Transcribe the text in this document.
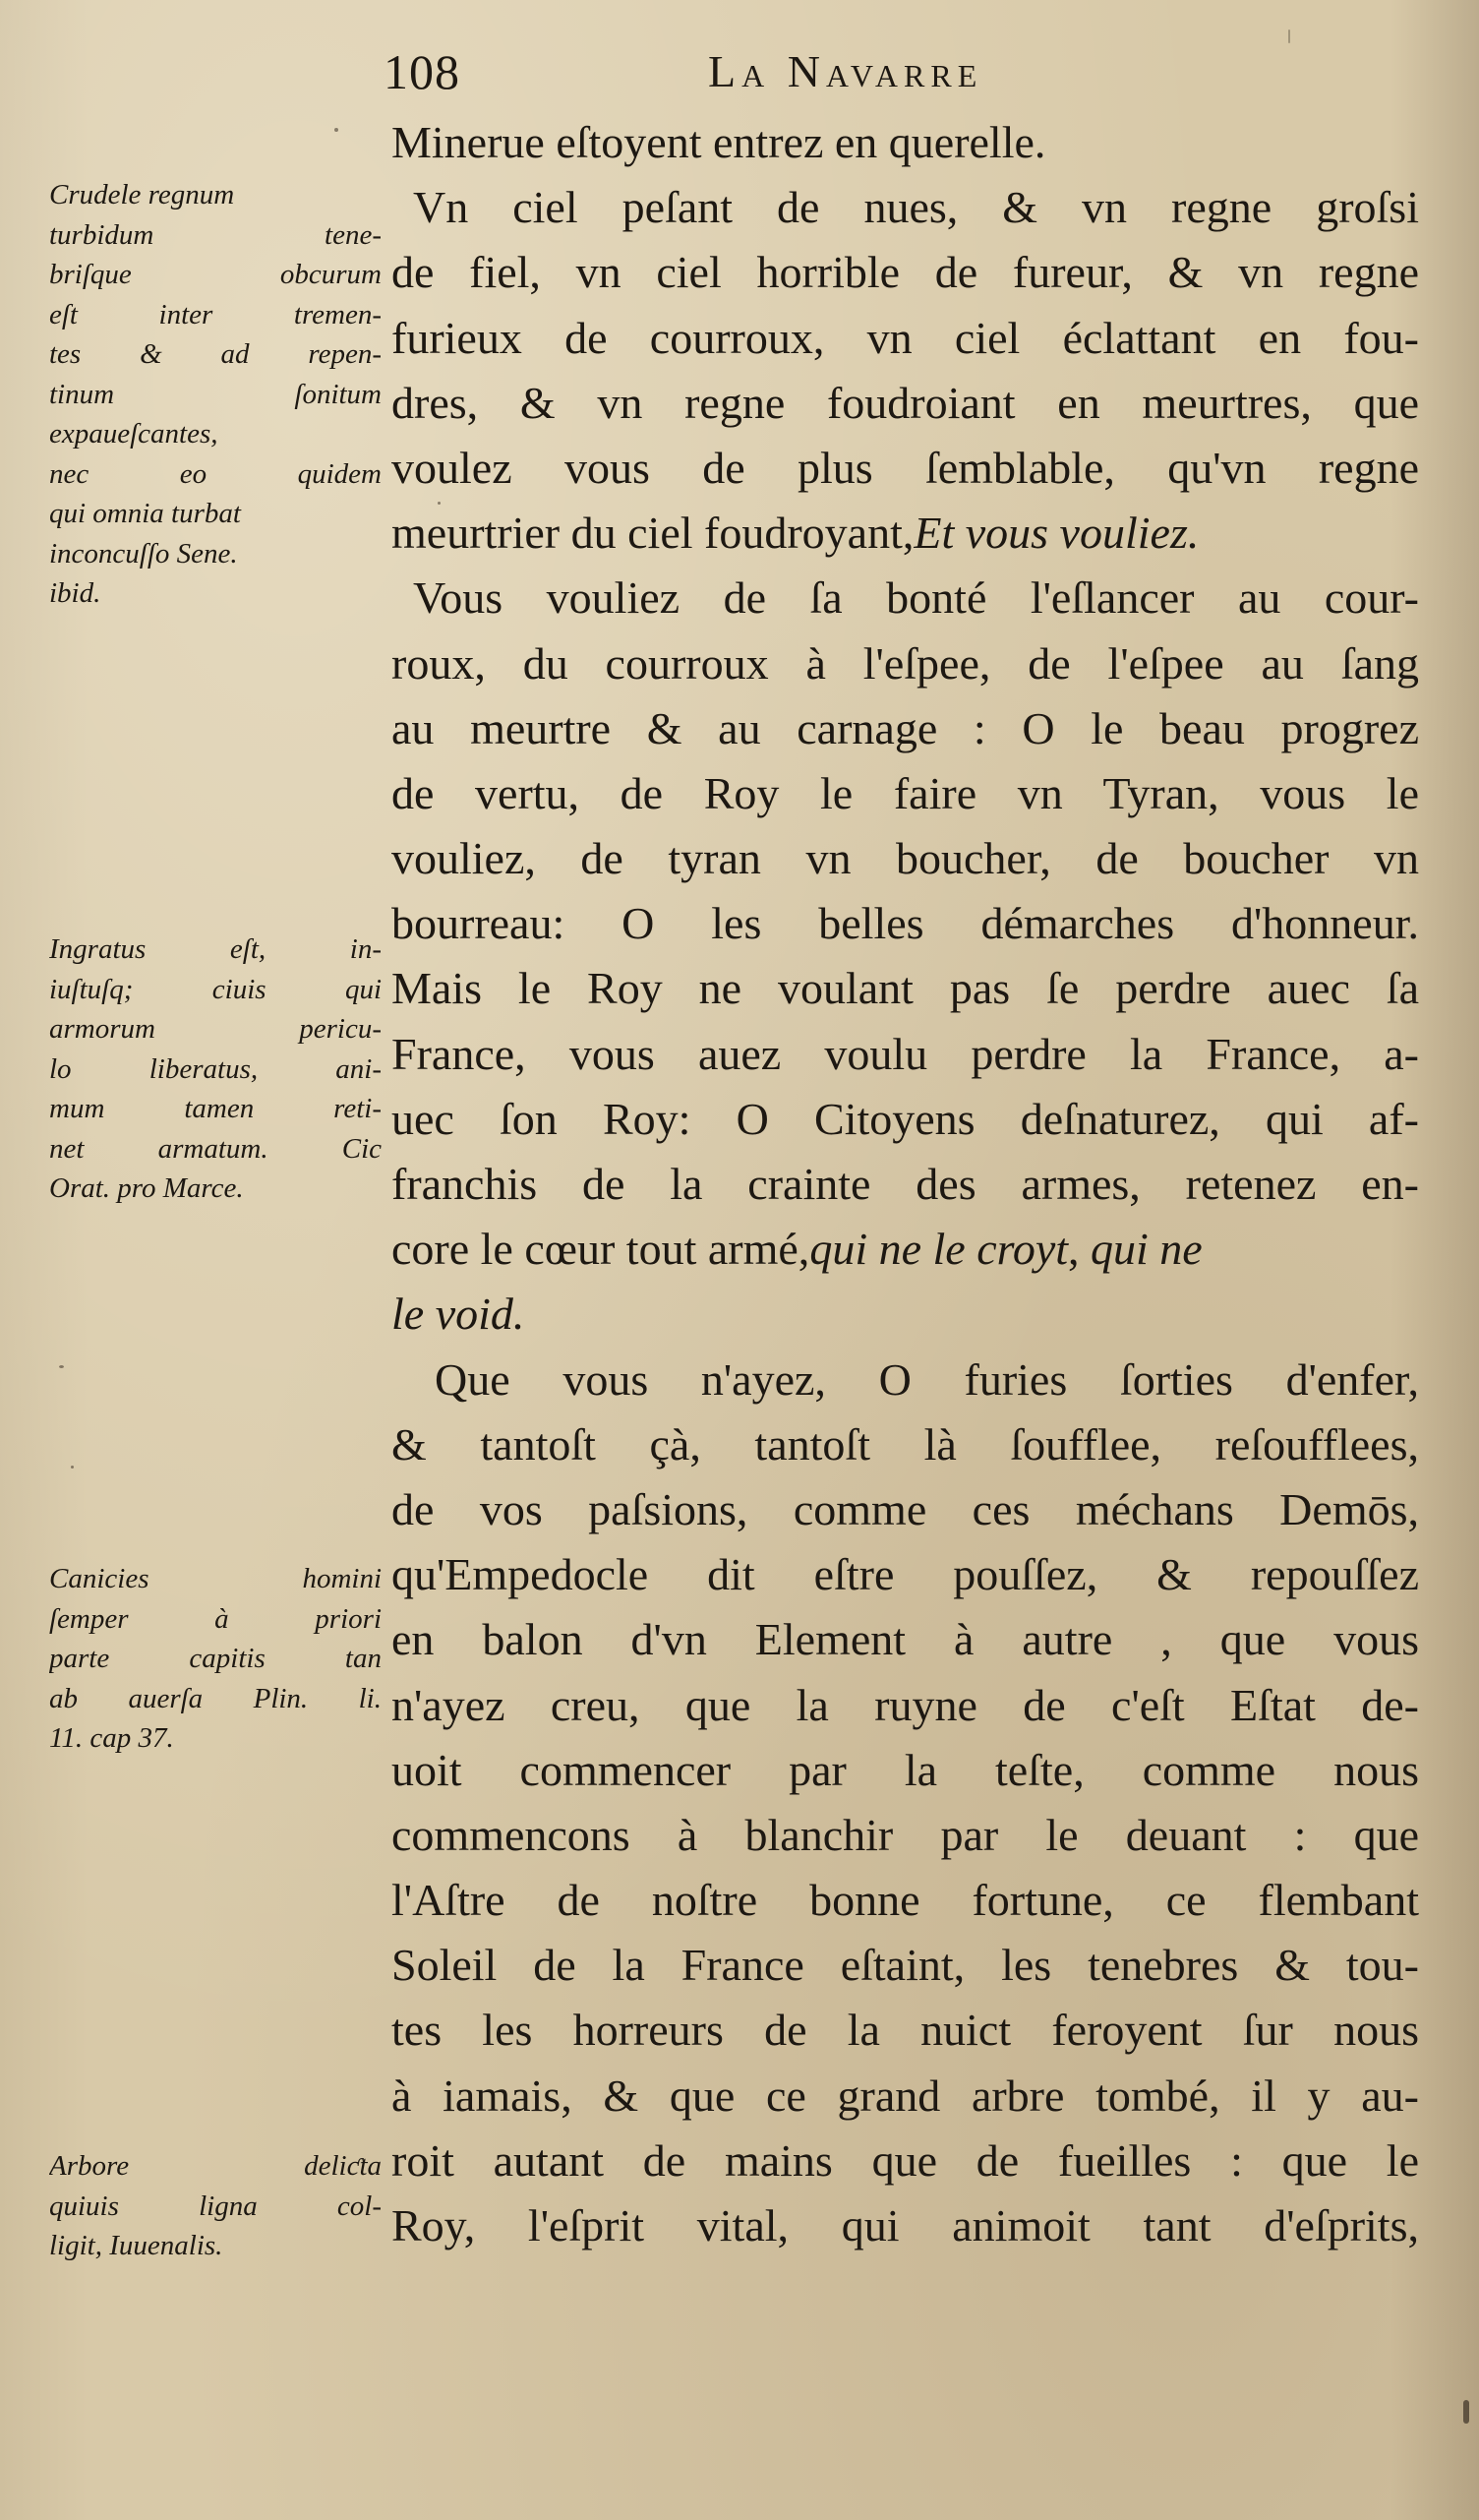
108	La Navarre
Minerue eſtoyent entrez en querelle.
Vn ciel peſant de nues, & vn regne groſsi
de fiel, vn ciel horrible de fureur, & vn regne
furieux de courroux, vn ciel éclattant en fou-
dres, & vn regne foudroiant en meurtres, que
voulez vous de plus ſemblable, qu'vn regne
meurtrier du ciel foudroyant,Et vous vouliez.
Vous vouliez de ſa bonté l'eſlancer au cour-
roux, du courroux à l'eſpee, de l'eſpee au ſang
au meurtre & au carnage : O le beau progrez
de vertu, de Roy le faire vn Tyran, vous le
vouliez, de tyran vn boucher, de boucher vn
bourreau: O les belles démarches d'honneur.
Mais le Roy ne voulant pas ſe perdre auec ſa
France, vous auez voulu perdre la France, a-
uec ſon Roy: O Citoyens deſnaturez, qui af-
franchis de la crainte des armes, retenez en-
core le cœur tout armé,qui ne le croyt, qui ne
le void.
Que vous n'ayez, O furies ſorties d'enfer,
& tantoſt çà, tantoſt là ſoufflee, reſoufflees,
de vos paſsions, comme ces méchans Demōs,
qu'Empedocle dit eſtre pouſſez, & repouſſez
en balon d'vn Element à autre , que vous
n'ayez creu, que la ruyne de c'eſt Eſtat de-
uoit commencer par la teſte, comme nous
commencons à blanchir par le deuant : que
l'Aſtre de noſtre bonne fortune, ce flembant
Soleil de la France eſtaint, les tenebres & tou-
tes les horreurs de la nuict feroyent ſur nous
à iamais, & que ce grand arbre tombé, il y au-
roit autant de mains que de fueilles : que le
Roy, l'eſprit vital, qui animoit tant d'eſprits,
Crudele regnum
turbidum tene-
briſque obcurum
eſt inter tremen-
tes & ad repen-
tinum ſonitum
expaueſcantes,
nec eo quidem
qui omnia turbat
inconcuſſo Sene.
ibid.
Ingratus eſt, in-
iuſtuſq; ciuis qui
armorum pericu-
lo liberatus, ani-
mum tamen reti-
net armatum. Cic
Orat. pro Marce.
Canicies homini
ſemper à priori
parte capitis tan
ab auerſa Plin. li.
11. cap 37.
Arbore deliƈta
quiuis ligna col-
ligit, Iuuenalis.
